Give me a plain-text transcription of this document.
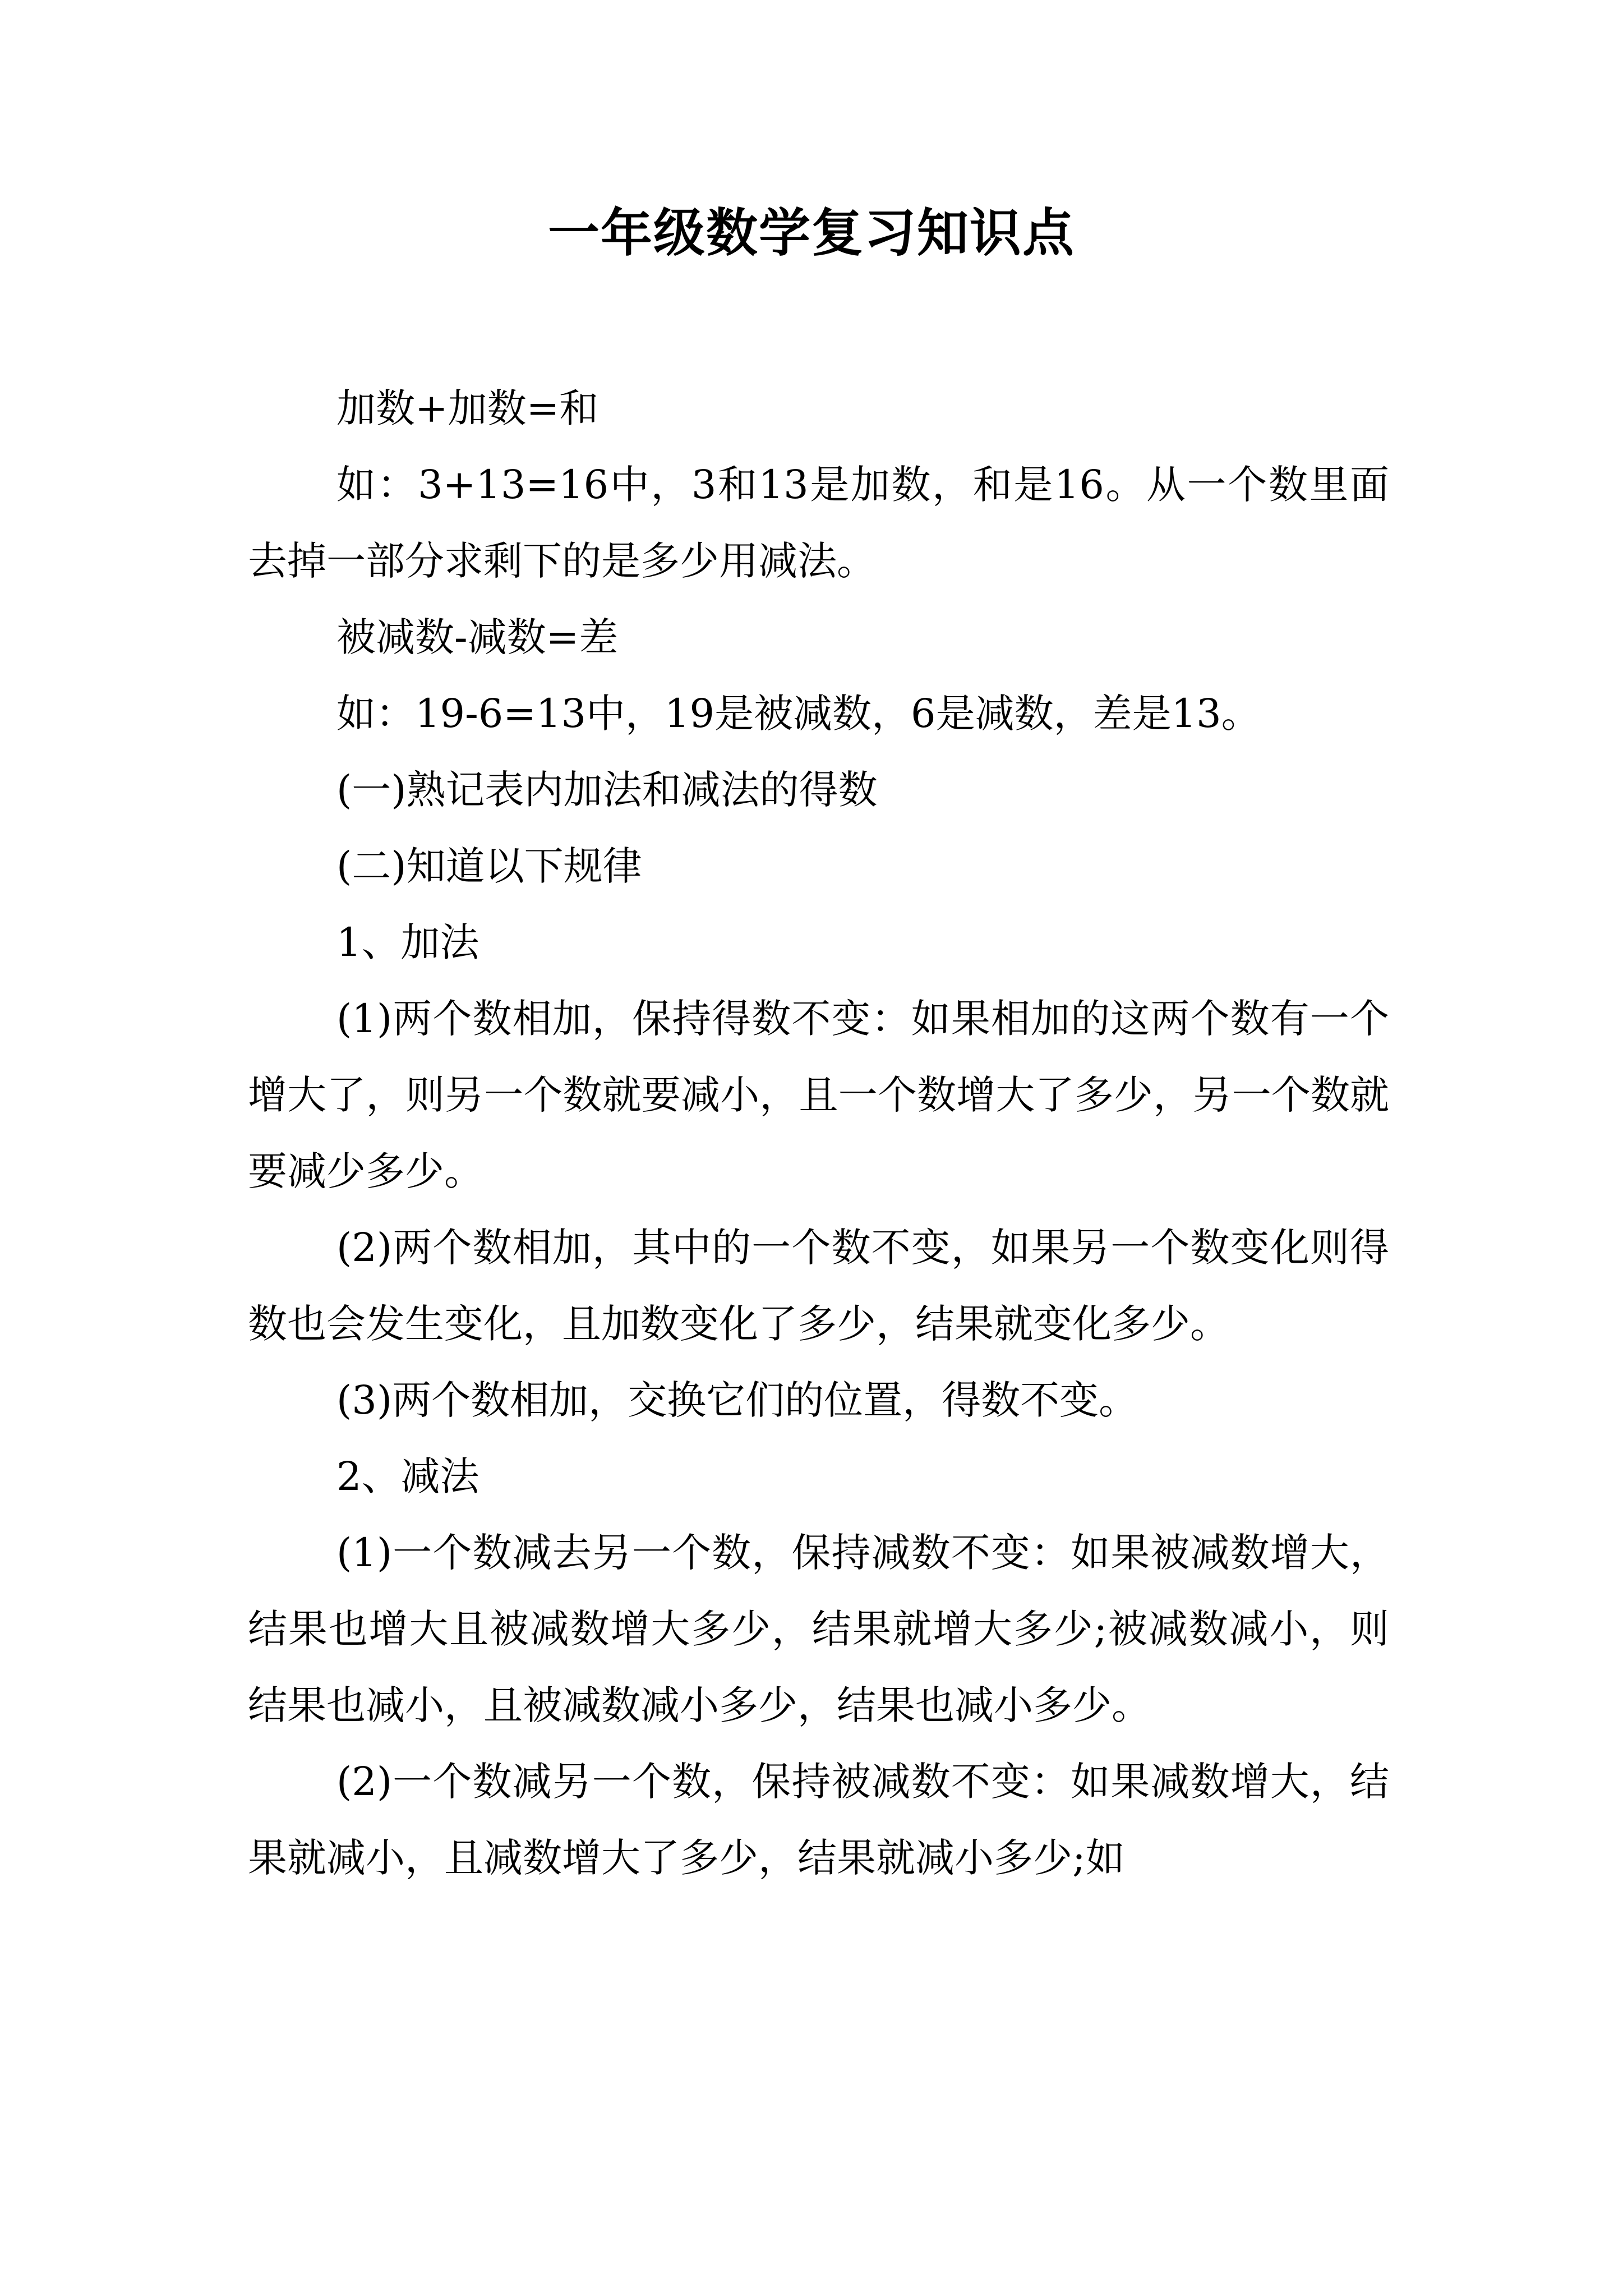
一年级数学复习知识点

加数+加数=和

如：3+13=16中，3和13是加数，和是16。从一个数里面去掉一部分求剩下的是多少用减法。

被减数-减数=差

如：19-6=13中，19是被减数，6是减数，差是13。

(一)熟记表内加法和减法的得数

(二)知道以下规律

1、加法

(1)两个数相加，保持得数不变：如果相加的这两个数有一个增大了，则另一个数就要减小，且一个数增大了多少，另一个数就要减少多少。

(2)两个数相加，其中的一个数不变，如果另一个数变化则得数也会发生变化，且加数变化了多少，结果就变化多少。

(3)两个数相加，交换它们的位置，得数不变。

2、减法

(1)一个数减去另一个数，保持减数不变：如果被减数增大，结果也增大且被减数增大多少，结果就增大多少;被减数减小，则结果也减小，且被减数减小多少，结果也减小多少。

(2)一个数减另一个数，保持被减数不变：如果减数增大，结果就减小，且减数增大了多少，结果就减小多少;如
